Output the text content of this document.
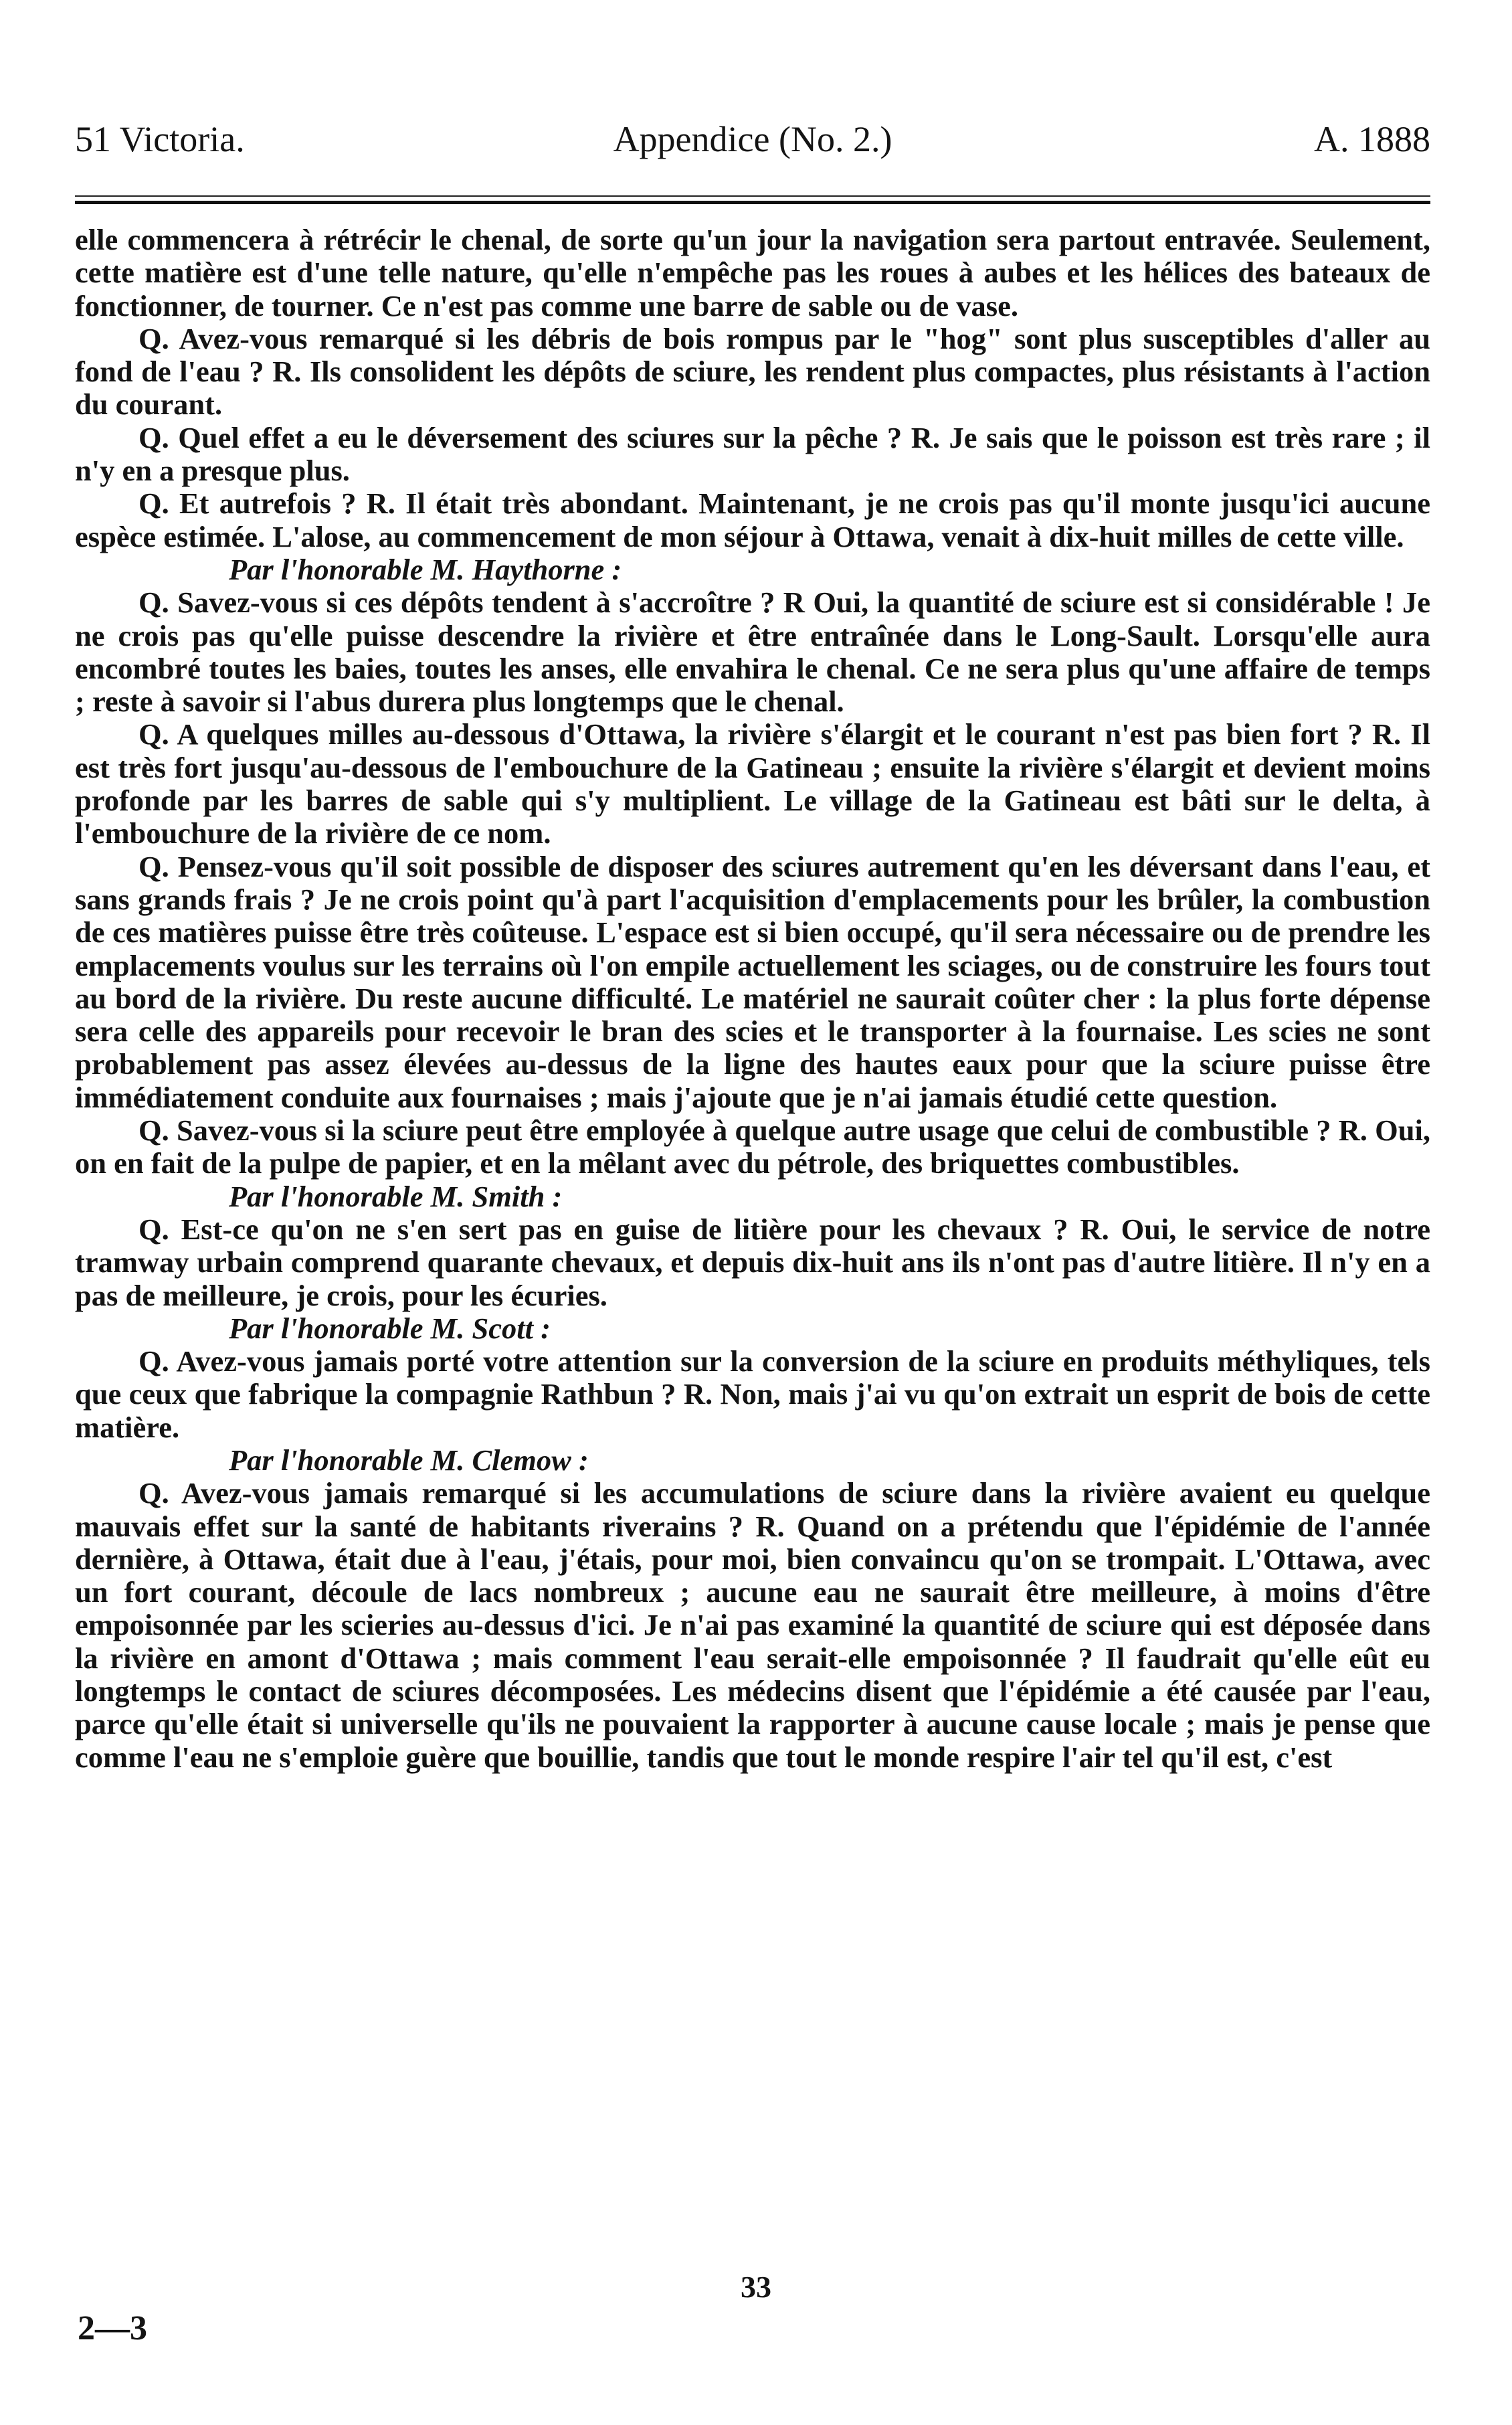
51 Victoria.	Appendice (No. 2.)	A. 1888

elle commencera à rétrécir le chenal, de sorte qu'un jour la navigation sera partout entravée. Seulement, cette matière est d'une telle nature, qu'elle n'empêche pas les roues à aubes et les hélices des bateaux de fonctionner, de tourner. Ce n'est pas comme une barre de sable ou de vase.

Q. Avez-vous remarqué si les débris de bois rompus par le "hog" sont plus susceptibles d'aller au fond de l'eau ? R. Ils consolident les dépôts de sciure, les rendent plus compactes, plus résistants à l'action du courant.

Q. Quel effet a eu le déversement des sciures sur la pêche ? R. Je sais que le poisson est très rare ; il n'y en a presque plus.

Q. Et autrefois ? R. Il était très abondant. Maintenant, je ne crois pas qu'il monte jusqu'ici aucune espèce estimée. L'alose, au commencement de mon séjour à Ottawa, venait à dix-huit milles de cette ville.

Par l'honorable M. Haythorne :

Q. Savez-vous si ces dépôts tendent à s'accroître ? R Oui, la quantité de sciure est si considérable ! Je ne crois pas qu'elle puisse descendre la rivière et être entraînée dans le Long-Sault. Lorsqu'elle aura encombré toutes les baies, toutes les anses, elle envahira le chenal. Ce ne sera plus qu'une affaire de temps ; reste à savoir si l'abus durera plus longtemps que le chenal.

Q. A quelques milles au-dessous d'Ottawa, la rivière s'élargit et le courant n'est pas bien fort ? R. Il est très fort jusqu'au-dessous de l'embouchure de la Gatineau ; ensuite la rivière s'élargit et devient moins profonde par les barres de sable qui s'y multiplient. Le village de la Gatineau est bâti sur le delta, à l'embouchure de la rivière de ce nom.

Q. Pensez-vous qu'il soit possible de disposer des sciures autrement qu'en les déversant dans l'eau, et sans grands frais ? Je ne crois point qu'à part l'acquisition d'emplacements pour les brûler, la combustion de ces matières puisse être très coûteuse. L'espace est si bien occupé, qu'il sera nécessaire ou de prendre les emplacements voulus sur les terrains où l'on empile actuellement les sciages, ou de construire les fours tout au bord de la rivière. Du reste aucune difficulté. Le matériel ne saurait coûter cher : la plus forte dépense sera celle des appareils pour recevoir le bran des scies et le transporter à la fournaise. Les scies ne sont probablement pas assez élevées au-dessus de la ligne des hautes eaux pour que la sciure puisse être immédiatement conduite aux fournaises ; mais j'ajoute que je n'ai jamais étudié cette question.

Q. Savez-vous si la sciure peut être employée à quelque autre usage que celui de combustible ? R. Oui, on en fait de la pulpe de papier, et en la mêlant avec du pétrole, des briquettes combustibles.

Par l'honorable M. Smith :

Q. Est-ce qu'on ne s'en sert pas en guise de litière pour les chevaux ? R. Oui, le service de notre tramway urbain comprend quarante chevaux, et depuis dix-huit ans ils n'ont pas d'autre litière. Il n'y en a pas de meilleure, je crois, pour les écuries.

Par l'honorable M. Scott :

Q. Avez-vous jamais porté votre attention sur la conversion de la sciure en produits méthyliques, tels que ceux que fabrique la compagnie Rathbun ? R. Non, mais j'ai vu qu'on extrait un esprit de bois de cette matière.

Par l'honorable M. Clemow :

Q. Avez-vous jamais remarqué si les accumulations de sciure dans la rivière avaient eu quelque mauvais effet sur la santé de habitants riverains ? R. Quand on a prétendu que l'épidémie de l'année dernière, à Ottawa, était due à l'eau, j'étais, pour moi, bien convaincu qu'on se trompait. L'Ottawa, avec un fort courant, découle de lacs nombreux ; aucune eau ne saurait être meilleure, à moins d'être empoisonnée par les scieries au-dessus d'ici. Je n'ai pas examiné la quantité de sciure qui est déposée dans la rivière en amont d'Ottawa ; mais comment l'eau serait-elle empoisonnée ? Il faudrait qu'elle eût eu longtemps le contact de sciures décomposées. Les médecins disent que l'épidémie a été causée par l'eau, parce qu'elle était si universelle qu'ils ne pouvaient la rapporter à aucune cause locale ; mais je pense que comme l'eau ne s'emploie guère que bouillie, tandis que tout le monde respire l'air tel qu'il est, c'est

33
2—3
